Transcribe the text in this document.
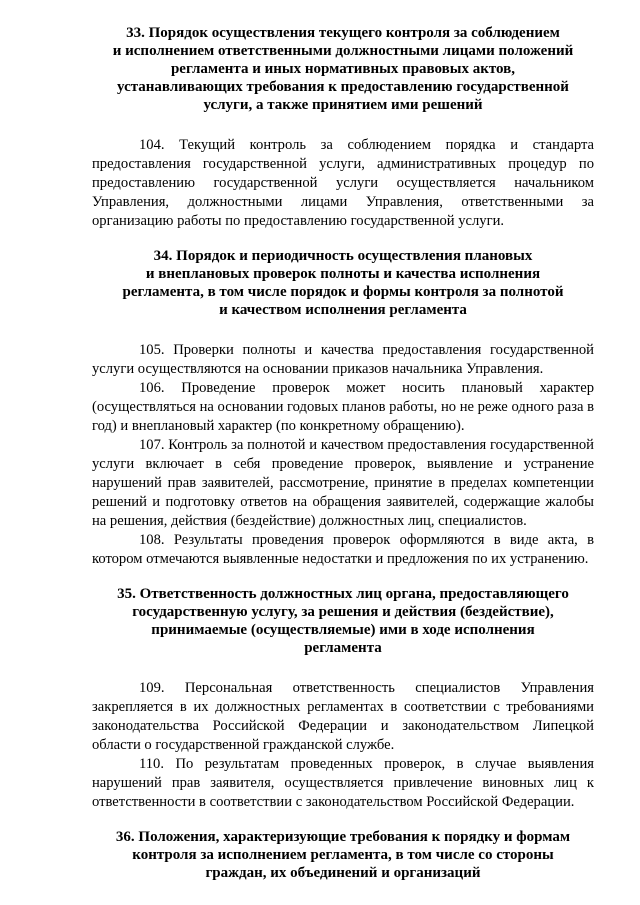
33. Порядок осуществления текущего контроля за соблюдением
и исполнением ответственными должностными лицами положений
регламента и иных нормативных правовых актов,
устанавливающих требования к предоставлению государственной
услуги, а также принятием ими решений

104. Текущий контроль за соблюдением порядка и стандарта предоставления государственной услуги, административных процедур по предоставлению государственной услуги осуществляется начальником Управления, должностными лицами Управления, ответственными за организацию работы по предоставлению государственной услуги.

34. Порядок и периодичность осуществления плановых
и внеплановых проверок полноты и качества исполнения
регламента, в том числе порядок и формы контроля за полнотой
и качеством исполнения регламента

105. Проверки полноты и качества предоставления государственной услуги осуществляются на основании приказов начальника Управления.

106. Проведение проверок может носить плановый характер (осуществляться на основании годовых планов работы, но не реже одного раза в год) и внеплановый характер (по конкретному обращению).

107. Контроль за полнотой и качеством предоставления государственной услуги включает в себя проведение проверок, выявление и устранение нарушений прав заявителей, рассмотрение, принятие в пределах компетенции решений и подготовку ответов на обращения заявителей, содержащие жалобы на решения, действия (бездействие) должностных лиц, специалистов.

108. Результаты проведения проверок оформляются в виде акта, в котором отмечаются выявленные недостатки и предложения по их устранению.

35. Ответственность должностных лиц органа, предоставляющего
государственную услугу, за решения и действия (бездействие),
принимаемые (осуществляемые) ими в ходе исполнения
регламента

109. Персональная ответственность специалистов Управления закрепляется в их должностных регламентах в соответствии с требованиями законодательства Российской Федерации и законодательством Липецкой области о государственной гражданской службе.

110. По результатам проведенных проверок, в случае выявления нарушений прав заявителя, осуществляется привлечение виновных лиц к ответственности в соответствии с законодательством Российской Федерации.

36. Положения, характеризующие требования к порядку и формам
контроля за исполнением регламента, в том числе со стороны
граждан, их объединений и организаций
